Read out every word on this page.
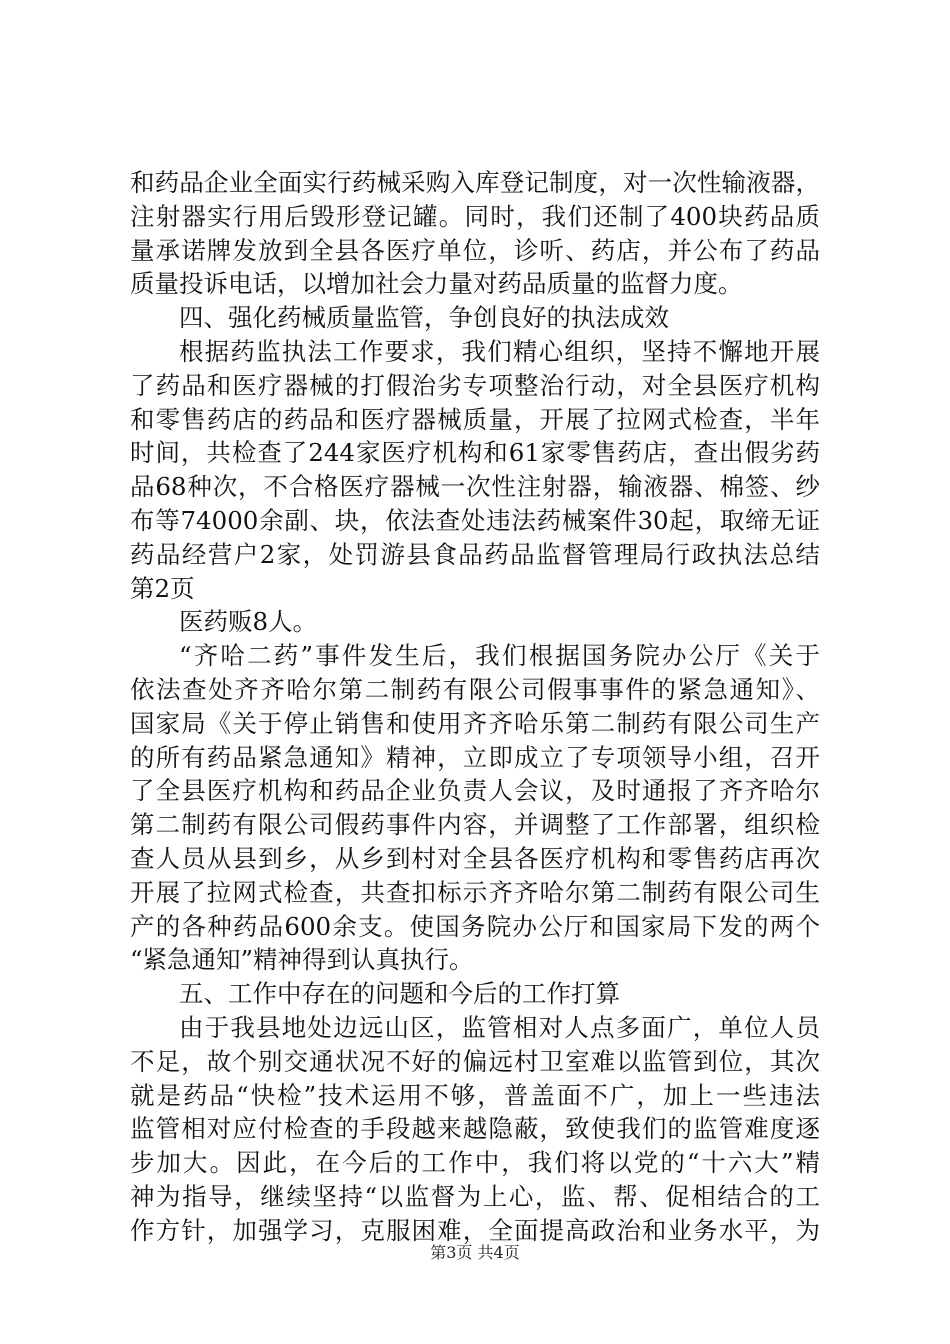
和药品企业全面实行药械采购入库登记制度，对一次性输液器，
注射器实行用后毁形登记罐。同时，我们还制了400块药品质
量承诺牌发放到全县各医疗单位，诊听、药店，并公布了药品
质量投诉电话，以增加社会力量对药品质量的监督力度。
四、强化药械质量监管，争创良好的执法成效
根据药监执法工作要求，我们精心组织，坚持不懈地开展
了药品和医疗器械的打假治劣专项整治行动，对全县医疗机构
和零售药店的药品和医疗器械质量，开展了拉网式检查，半年
时间，共检查了244家医疗机构和61家零售药店，查出假劣药
品68种次，不合格医疗器械一次性注射器，输液器、棉签、纱
布等74000余副、块，依法查处违法药械案件30起，取缔无证
药品经营户2家，处罚游县食品药品监督管理局行政执法总结
第2页
医药贩8人。
“齐哈二药”事件发生后，我们根据国务院办公厅《关于
依法查处齐齐哈尔第二制药有限公司假事事件的紧急通知》、
国家局《关于停止销售和使用齐齐哈乐第二制药有限公司生产
的所有药品紧急通知》精神，立即成立了专项领导小组，召开
了全县医疗机构和药品企业负责人会议，及时通报了齐齐哈尔
第二制药有限公司假药事件内容，并调整了工作部署，组织检
查人员从县到乡，从乡到村对全县各医疗机构和零售药店再次
开展了拉网式检查，共查扣标示齐齐哈尔第二制药有限公司生
产的各种药品600余支。使国务院办公厅和国家局下发的两个
“紧急通知”精神得到认真执行。
五、工作中存在的问题和今后的工作打算
由于我县地处边远山区，监管相对人点多面广，单位人员
不足，故个别交通状况不好的偏远村卫室难以监管到位，其次
就是药品“快检”技术运用不够，普盖面不广，加上一些违法
监管相对应付检查的手段越来越隐蔽，致使我们的监管难度逐
步加大。因此，在今后的工作中，我们将以党的“十六大”精
神为指导，继续坚持“以监督为上心，监、帮、促相结合的工
作方针，加强学习，克服困难，全面提高政治和业务水平，为
第3页 共4页
